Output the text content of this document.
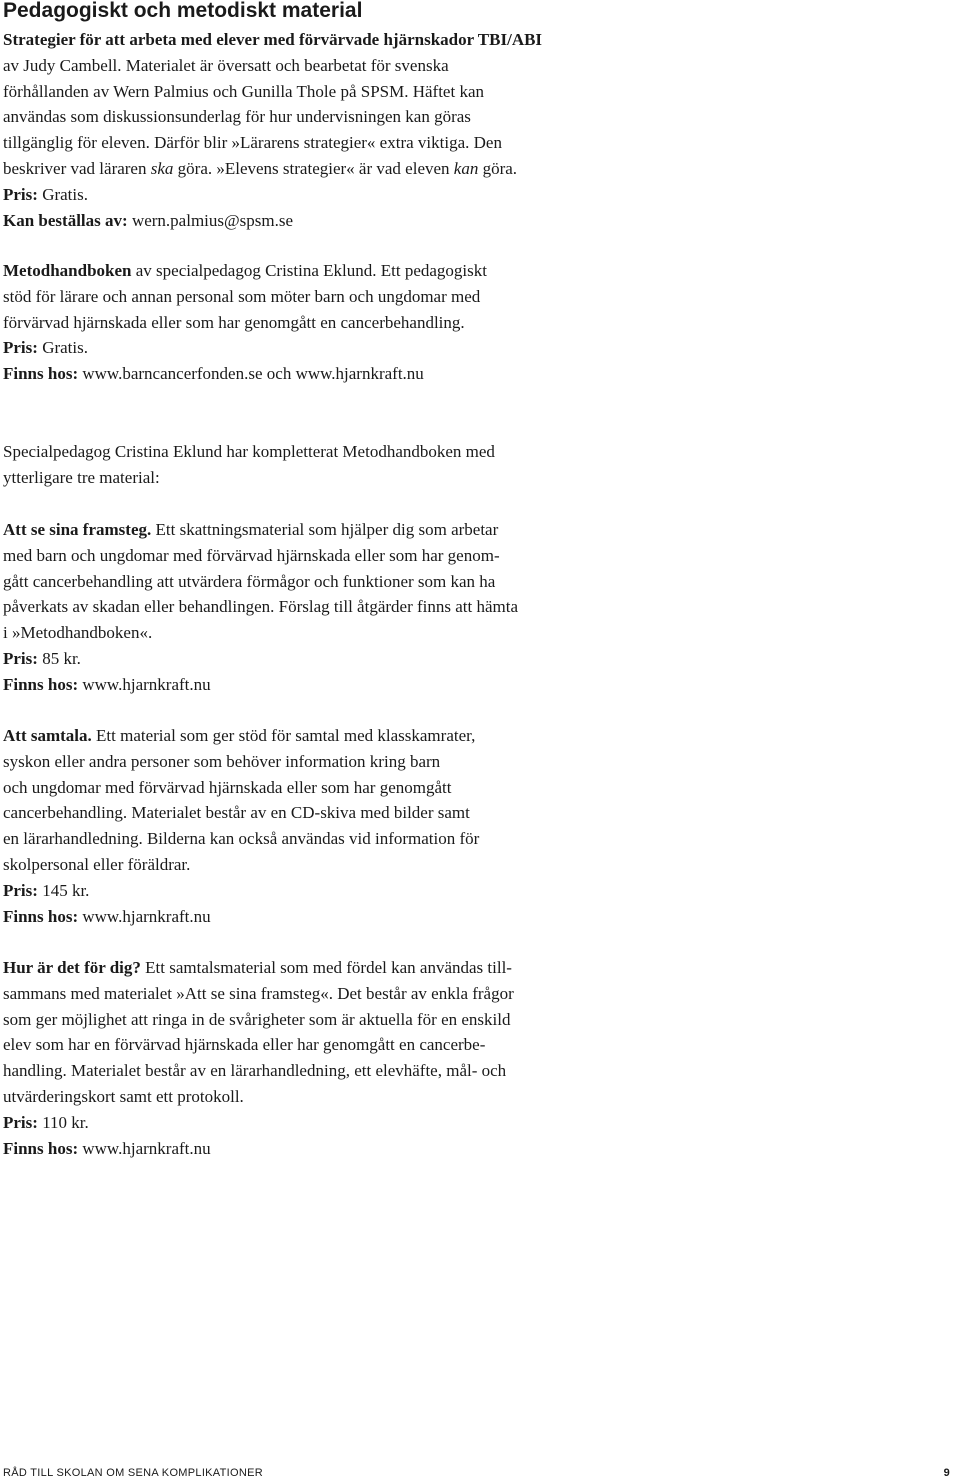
Pedagogiskt och metodiskt material

Strategier för att arbeta med elever med förvärvade hjärnskador TBI/ABI

av Judy Cambell. Materialet är översatt och bearbetat för svenska

förhållanden av Wern Palmius och Gunilla Thole på SPSM. Häftet kan

användas som diskussionsunderlag för hur undervisningen kan göras

tillgänglig för eleven. Därför blir »Lärarens strategier« extra viktiga. Den

beskriver vad läraren ska göra. »Elevens strategier« är vad eleven kan göra.

Pris: Gratis.

Kan beställas av: wern.palmius@spsm.se

Metodhandboken av specialpedagog Cristina Eklund. Ett pedagogiskt

stöd för lärare och annan personal som möter barn och ungdomar med

förvärvad hjärnskada eller som har genomgått en cancerbehandling.

Pris: Gratis.

Finns hos: www.barncancerfonden.se och www.hjarnkraft.nu

Specialpedagog Cristina Eklund har kompletterat Metodhandboken med

ytterligare tre material:

Att se sina framsteg. Ett skattningsmaterial som hjälper dig som arbetar

med barn och ungdomar med förvärvad hjärnskada eller som har genom-

gått cancerbehandling att utvärdera förmågor och funktioner som kan ha

påverkats av skadan eller behandlingen. Förslag till åtgärder finns att hämta

i »Metodhandboken«.

Pris: 85 kr.

Finns hos: www.hjarnkraft.nu

Att samtala. Ett material som ger stöd för samtal med klasskamrater,

syskon eller andra personer som behöver information kring barn

och ungdomar med förvärvad hjärnskada eller som har genomgått

cancerbehandling. Materialet består av en CD-skiva med bilder samt

en lärarhandledning. Bilderna kan också användas vid information för

skolpersonal eller föräldrar.

Pris: 145 kr.

Finns hos: www.hjarnkraft.nu

Hur är det för dig? Ett samtalsmaterial som med fördel kan användas till-

sammans med materialet »Att se sina framsteg«. Det består av enkla frågor

som ger möjlighet att ringa in de svårigheter som är aktuella för en enskild

elev som har en förvärvad hjärnskada eller har genomgått en cancerbe-

handling. Materialet består av en lärarhandledning, ett elevhäfte, mål- och

utvärderingskort samt ett protokoll.

Pris: 110 kr.

Finns hos: www.hjarnkraft.nu

RÅD TILL SKOLAN OM SENA KOMPLIKATIONER	9
